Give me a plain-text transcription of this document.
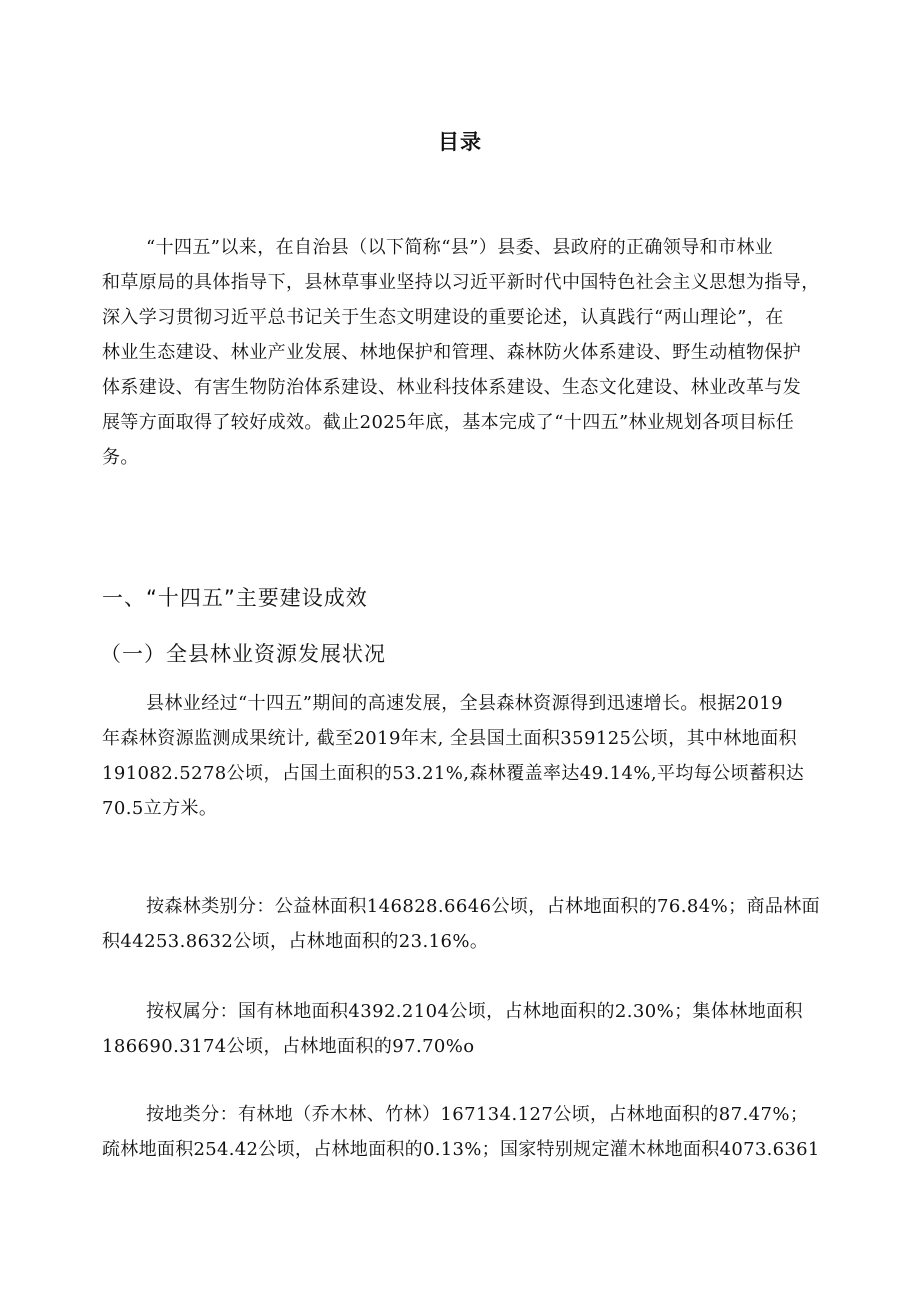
目录

“十四五”以来，在自治县（以下简称“县”）县委、县政府的正确领导和市林业
和草原局的具体指导下，县林草事业坚持以习近平新时代中国特色社会主义思想为指导，
深入学习贯彻习近平总书记关于生态文明建设的重要论述，认真践行“两山理论”，在
林业生态建设、林业产业发展、林地保护和管理、森林防火体系建设、野生动植物保护
体系建设、有害生物防治体系建设、林业科技体系建设、生态文化建设、林业改革与发
展等方面取得了较好成效。截止2025年底，基本完成了“十四五”林业规划各项目标任
务。

一、“十四五”主要建设成效
（一）全县林业资源发展状况

县林业经过“十四五”期间的高速发展，全县森林资源得到迅速增长。根据2019
年森林资源监测成果统计, 截至2019年末, 全县国土面积359125公顷，其中林地面积
191082.5278公顷，占国土面积的53.21%,森林覆盖率达49.14%,平均每公顷蓄积达
70.5立方米。

按森林类别分：公益林面积146828.6646公顷，占林地面积的76.84%；商品林面
积44253.8632公顷，占林地面积的23.16%。

按权属分：国有林地面积4392.2104公顷，占林地面积的2.30%；集体林地面积
186690.3174公顷，占林地面积的97.70%o

按地类分：有林地（乔木林、竹林）167134.127公顷，占林地面积的87.47%；
疏林地面积254.42公顷，占林地面积的0.13%；国家特别规定灌木林地面积4073.6361
